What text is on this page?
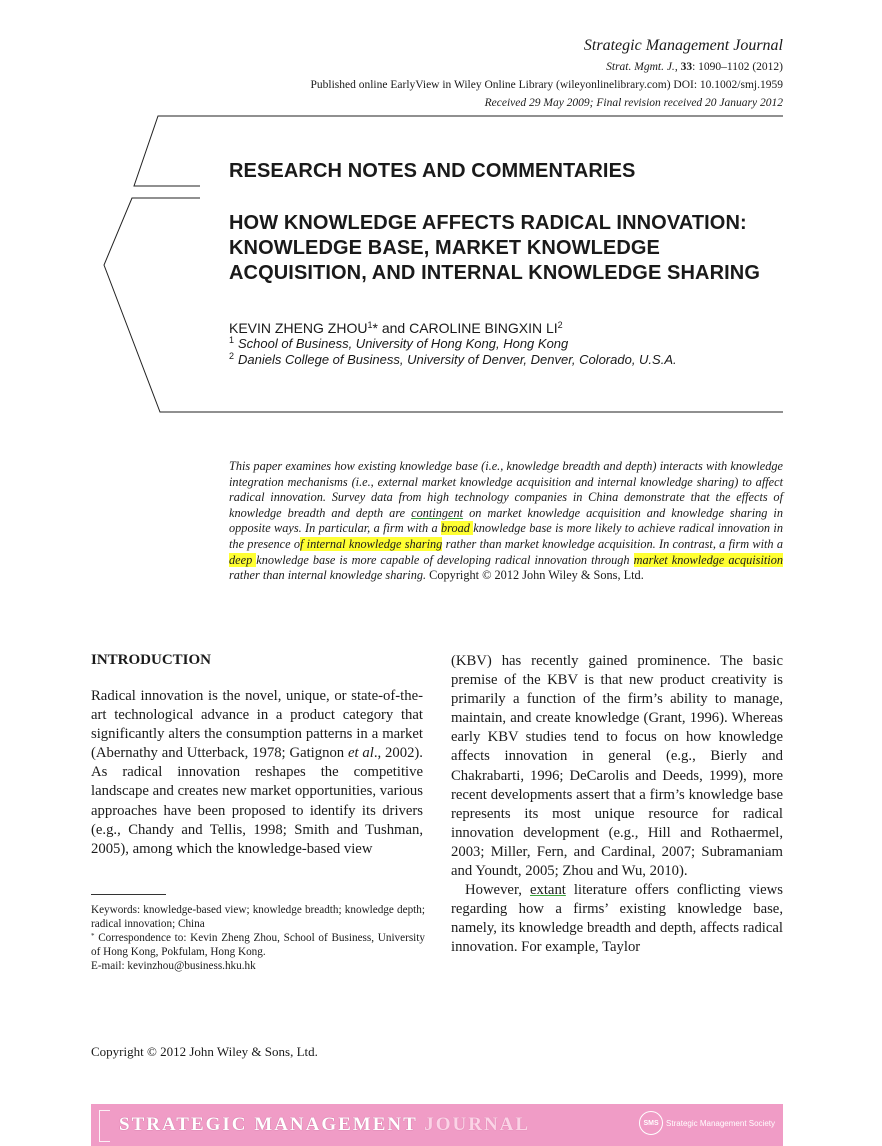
Strategic Management Journal
Strat. Mgmt. J., 33: 1090–1102 (2012)
Published online EarlyView in Wiley Online Library (wileyonlinelibrary.com) DOI: 10.1002/smj.1959
Received 29 May 2009; Final revision received 20 January 2012
RESEARCH NOTES AND COMMENTARIES
HOW KNOWLEDGE AFFECTS RADICAL INNOVATION: KNOWLEDGE BASE, MARKET KNOWLEDGE ACQUISITION, AND INTERNAL KNOWLEDGE SHARING
KEVIN ZHENG ZHOU$^1$* and CAROLINE BINGXIN $LI^2$
$^1$ School of Business, University of Hong Kong, Hong Kong
$^2$ Daniels College of Business, University of Denver, Denver, Colorado, U.S.A.
This paper examines how existing knowledge base (i.e., knowledge breadth and depth) interacts with knowledge integration mechanisms (i.e., external market knowledge acquisition and internal knowledge sharing) to affect radical innovation. Survey data from high technology companies in China demonstrate that the effects of knowledge breadth and depth are contingent on market knowledge acquisition and knowledge sharing in opposite ways. In particular, a firm with a broad knowledge base is more likely to achieve radical innovation in the presence of internal knowledge sharing rather than market knowledge acquisition. In contrast, a firm with a deep knowledge base is more capable of developing radical innovation through market knowledge acquisition rather than internal knowledge sharing. Copyright © 2012 John Wiley & Sons, Ltd.
INTRODUCTION
Radical innovation is the novel, unique, or state-of-the-art technological advance in a product category that significantly alters the consumption patterns in a market (Abernathy and Utterback, 1978; Gatignon et al., 2002). As radical innovation reshapes the competitive landscape and creates new market opportunities, various approaches have been proposed to identify its drivers (e.g., Chandy and Tellis, 1998; Smith and Tushman, 2005), among which the knowledge-based view

(KBV) has recently gained prominence. The basic premise of the KBV is that new product creativity is primarily a function of the firm’s ability to manage, maintain, and create knowledge (Grant, 1996). Whereas early KBV studies tend to focus on how knowledge affects innovation in general (e.g., Bierly and Chakrabarti, 1996; DeCarolis and Deeds, 1999), more recent developments assert that a firm’s knowledge base represents its most unique resource for radical innovation development (e.g., Hill and Rothaermel, 2003; Miller, Fern, and Cardinal, 2007; Subramaniam and Youndt, 2005; Zhou and Wu, 2010).

However, extant literature offers conflicting views regarding how a firms’ existing knowledge base, namely, its knowledge breadth and depth, affects radical innovation. For example, Taylor

Keywords: knowledge-based view; knowledge breadth; knowledge depth; radical innovation; China

* Correspondence to: Kevin Zheng Zhou, School of Business, University of Hong Kong, Pokfulam, Hong Kong.

E-mail: kevinzhou@business.hku.hk

Copyright © 2012 John Wiley & Sons, Ltd.
STRATEGIC MANAGEMENT JOURNAL	SMS Strategic Management Society
